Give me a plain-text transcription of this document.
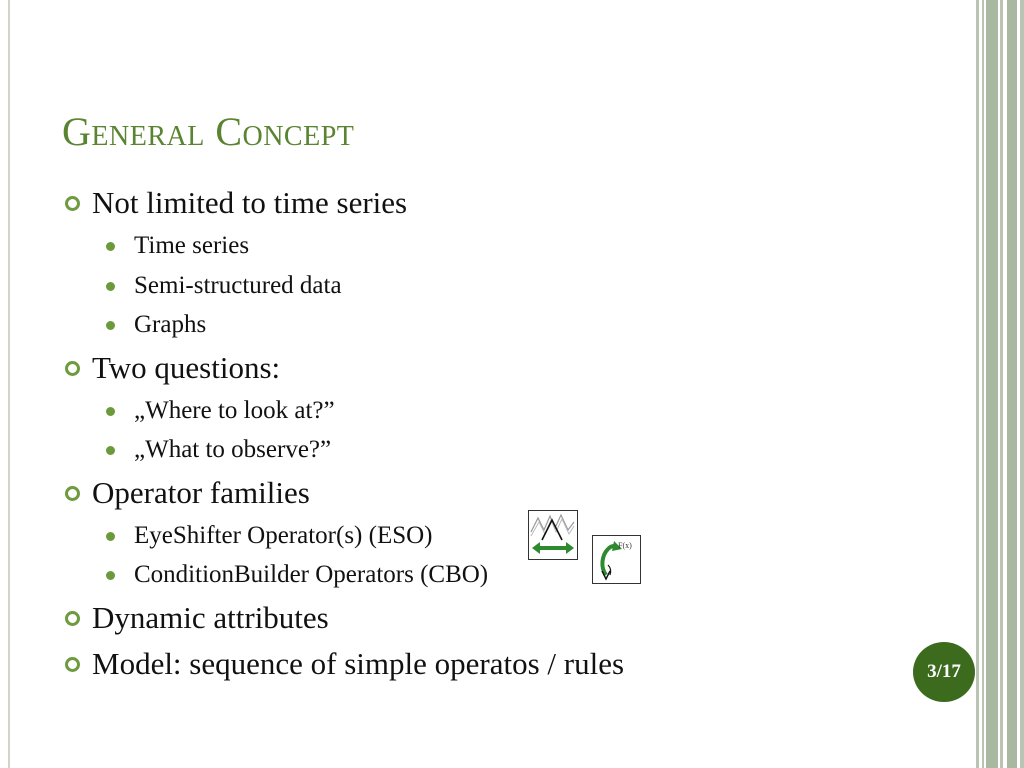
General Concept
Not limited to time series
Time series
Semi-structured data
Graphs
Two questions:
„Where to look at?”
„What to observe?”
Operator families
EyeShifter Operator(s) (ESO)
ConditionBuilder Operators (CBO)
F(x)
Dynamic attributes
Model: sequence of simple operatos / rules	3/17
